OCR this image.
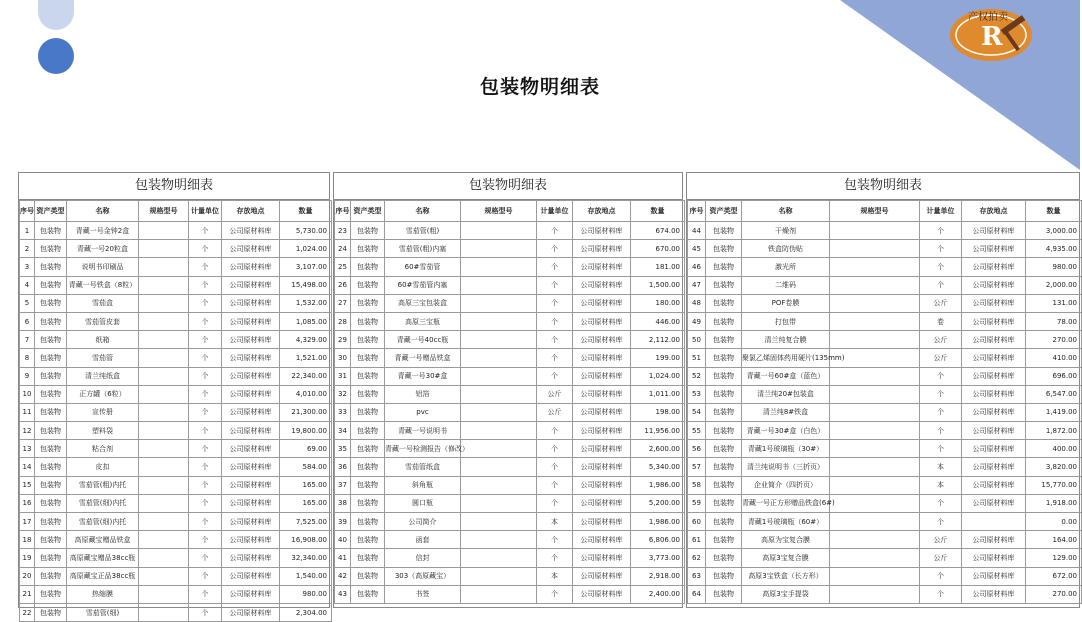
R
产权拍卖
包装物明细表
包装物明细表
序号	资产类型	名称	规格型号	计量单位	存放地点	数量
1	包装物	青藏一号金钟2盒		个	公司原材料库	5,730.00
2	包装物	青藏一号20粒盒		个	公司原材料库	1,024.00
3	包装物	说明书印刷品		个	公司原材料库	3,107.00
4	包装物	青藏一号铁盒（8粒）		个	公司原材料库	15,498.00
5	包装物	雪茄盒		个	公司原材料库	1,532.00
6	包装物	雪茄管皮套		个	公司原材料库	1,085.00
7	包装物	纸箱		个	公司原材料库	4,329.00
8	包装物	雪茄管		个	公司原材料库	1,521.00
9	包装物	清兰纯纸盒		个	公司原材料库	22,340.00
10	包装物	正方罐（6粒）		个	公司原材料库	4,010.00
11	包装物	宣传册		个	公司原材料库	21,300.00
12	包装物	塑料袋		个	公司原材料库	19,800.00
13	包装物	粘合剂		个	公司原材料库	69.00
14	包装物	皮扣		个	公司原材料库	584.00
15	包装物	雪茄管(粗)内托		个	公司原材料库	165.00
16	包装物	雪茄管(细)内托		个	公司原材料库	165.00
17	包装物	雪茄管(细)内托		个	公司原材料库	7,525.00
18	包装物	高原藏宝赠品铁盒		个	公司原材料库	16,908.00
19	包装物	高原藏宝赠品38cc瓶		个	公司原材料库	32,340.00
20	包装物	高原藏宝正品38cc瓶		个	公司原材料库	1,540.00
21	包装物	热缩膜		个	公司原材料库	980.00
22	包装物	雪茄管(细)		个	公司原材料库	2,304.00
包装物明细表
序号	资产类型	名称	规格型号	计量单位	存放地点	数量
23	包装物	雪茄管(粗)		个	公司原材料库	674.00
24	包装物	雪茄管(粗)内塞		个	公司原材料库	670.00
25	包装物	60#雪茄管		个	公司原材料库	181.00
26	包装物	60#雪茄管内塞		个	公司原材料库	1,500.00
27	包装物	高原三宝包装盒		个	公司原材料库	180.00
28	包装物	高原三宝瓶		个	公司原材料库	446.00
29	包装物	青藏一号40cc瓶		个	公司原材料库	2,112.00
30	包装物	青藏一号赠品铁盒		个	公司原材料库	199.00
31	包装物	青藏一号30#盒		个	公司原材料库	1,024.00
32	包装物	铝箔		公斤	公司原材料库	1,011.00
33	包装物	pvc		公斤	公司原材料库	198.00
34	包装物	青藏一号说明书		个	公司原材料库	11,956.00
35	包装物	青藏一号检测报告（修改）		个	公司原材料库	2,600.00
36	包装物	雪茄管纸盒		个	公司原材料库	5,340.00
37	包装物	斜角瓶		个	公司原材料库	1,986.00
38	包装物	圆口瓶		个	公司原材料库	5,200.00
39	包装物	公司简介		本	公司原材料库	1,986.00
40	包装物	函套		个	公司原材料库	6,806.00
41	包装物	信封		个	公司原材料库	3,773.00
42	包装物	303（高原藏宝）		本	公司原材料库	2,918.00
43	包装物	书签		个	公司原材料库	2,400.00
包装物明细表
序号	资产类型	名称	规格型号	计量单位	存放地点	数量
44	包装物	干燥剂		个	公司原材料库	3,000.00
45	包装物	铁盒防伪贴		个	公司原材料库	4,935.00
46	包装物	激光所		个	公司原材料库	980.00
47	包装物	二维码		个	公司原材料库	2,000.00
48	包装物	POF卷膜		公斤	公司原材料库	131.00
49	包装物	打包带		卷	公司原材料库	78.00
50	包装物	清兰纯复合膜		公斤	公司原材料库	270.00
51	包装物	聚氯乙烯固体药用硬片(135mm)		公斤	公司原材料库	410.00
52	包装物	青藏一号60#盒（蓝色）		个	公司原材料库	696.00
53	包装物	清兰纯20#包装盒		个	公司原材料库	6,547.00
54	包装物	清兰纯8#铁盒		个	公司原材料库	1,419.00
55	包装物	青藏一号30#盒（白色）		个	公司原材料库	1,872.00
56	包装物	青藏1号玻璃瓶（30#）		个	公司原材料库	400.00
57	包装物	清兰纯说明书（三折页）		本	公司原材料库	3,820.00
58	包装物	企业简介（四折页）		本	公司原材料库	15,770.00
59	包装物	青藏一号正方形赠品铁盒(6#)		个	公司原材料库	1,918.00
60	包装物	青藏1号玻璃瓶（60#）		个		0.00
61	包装物	高原为宝复合膜		公斤	公司原材料库	164.00
62	包装物	高原3宝复合膜		公斤	公司原材料库	129.00
63	包装物	高原3宝铁盒（长方形）		个	公司原材料库	672.00
64	包装物	高原3宝手提袋		个	公司原材料库	270.00
